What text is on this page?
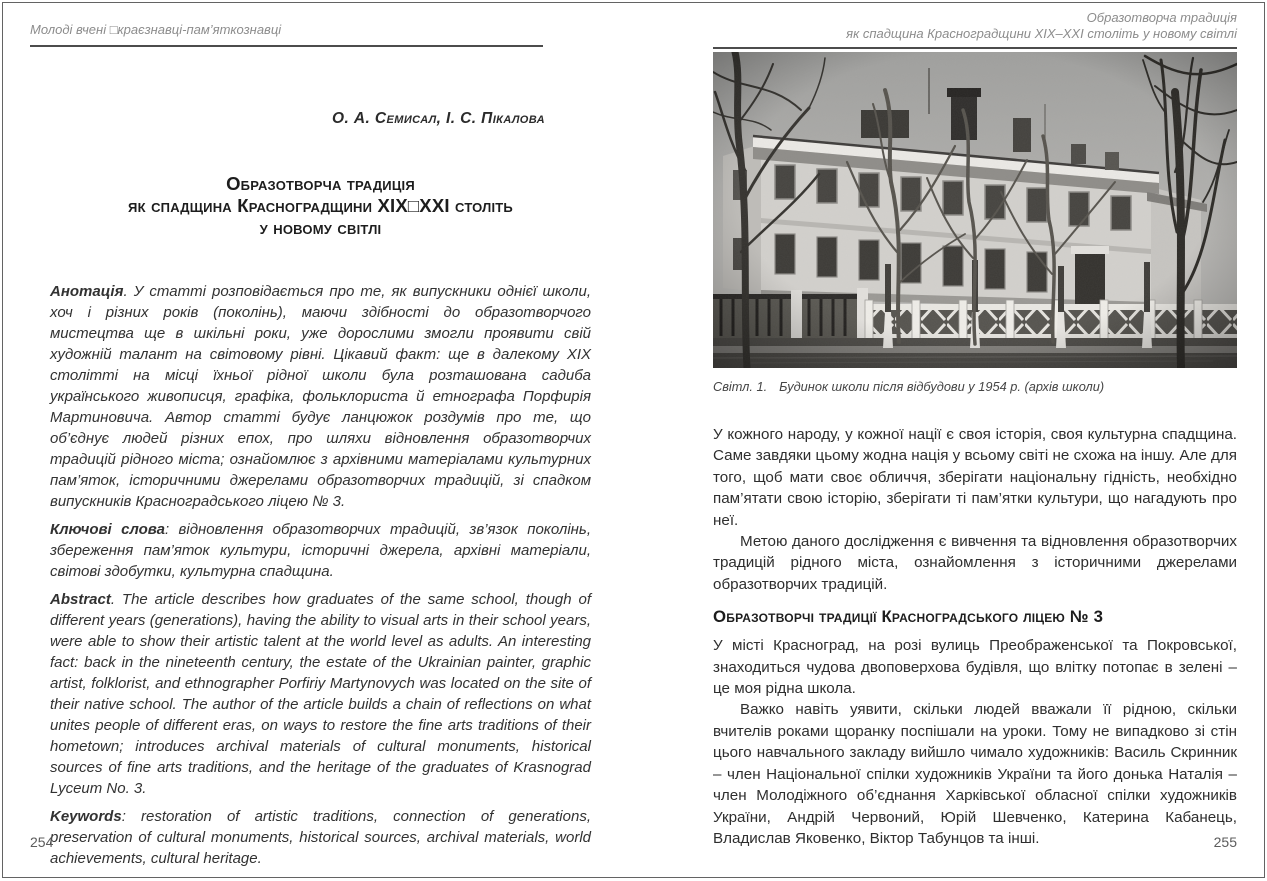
Молоді вчені □краєзнавці-пам’яткознавці
О. А. Семисал, І. С. Пікалова
Образотворча традиція
як спадщина Красноградщини XIX□XXI століть
у новому світлі

Анотація. У статті розповідається про те, як випускники однієї школи, хоч і різних років (поколінь), маючи здібності до образотворчого мистецтва ще в шкільні роки, уже дорослими змогли проявити свій художній талант на світовому рівні. Цікавий факт: ще в далекому XIX столітті на місці їхньої рідної школи була розташована садиба українського живописця, графіка, фольклориста й етнографа Порфирія Мартиновича. Автор статті будує ланцюжок роздумів про те, що об’єднує людей різних епох, про шляхи відновлення образотворчих традицій рідного міста; ознайомлює з архівними матеріалами культурних пам’яток, історичними джерелами образотворчих традицій, зі спадком випускників Красноградського ліцею № 3.

Ключові слова: відновлення образотворчих традицій, зв’язок поколінь, збереження пам’яток культури, історичні джерела, архівні матеріали, світові здобутки, культурна спадщина.

Abstract. The article describes how graduates of the same school, though of different years (generations), having the ability to visual arts in their school years, were able to show their artistic talent at the world level as adults. An interesting fact: back in the nineteenth century, the estate of the Ukrainian painter, graphic artist, folklorist, and ethnographer Porfiriy Martynovych was located on the site of their native school. The author of the article builds a chain of reflections on what unites people of different eras, on ways to restore the fine arts traditions of their hometown; introduces archival materials of cultural monuments, historical sources of fine arts traditions, and the heritage of the graduates of Krasnograd Lyceum No. 3.

Keywords: restoration of artistic traditions, connection of generations, preservation of cultural monuments, historical sources, archival materials, world achievements, cultural heritage.

254
Образотворча традиція
як спадщина Красноградщини XIX–XXI століть у новому світлі
Світл. 1. Будинок школи після відбудови у 1954 р. (архів школи)

У кожного народу, у кожної нації є своя історія, своя культурна спадщина. Саме завдяки цьому жодна нація у всьому світі не схожа на іншу. Але для того, щоб мати своє обличчя, зберігати національну гідність, необхідно пам’ятати свою історію, зберігати ті пам’ятки культури, що нагадують про неї.

Метою даного дослідження є вивчення та відновлення образотворчих традицій рідного міста, ознайомлення з історичними джерелами образотворчих традицій.

Образотворчі традиції Красноградського ліцею № 3

У місті Красноград, на розі вулиць Преображенської та Покровської, знаходиться чудова двоповерхова будівля, що влітку потопає в зелені – це моя рідна школа.

Важко навіть уявити, скільки людей вважали її рідною, скільки вчителів роками щоранку поспішали на уроки. Тому не випадково зі стін цього навчального закладу вийшло чимало художників: Василь Скринник – член Національної спілки художників України та його донька Наталія – член Молодіжного об’єднання Харківської обласної спілки художників України, Андрій Червоний, Юрій Шевченко, Катерина Кабанець, Владислав Яковенко, Віктор Табунцов та інші.	255
